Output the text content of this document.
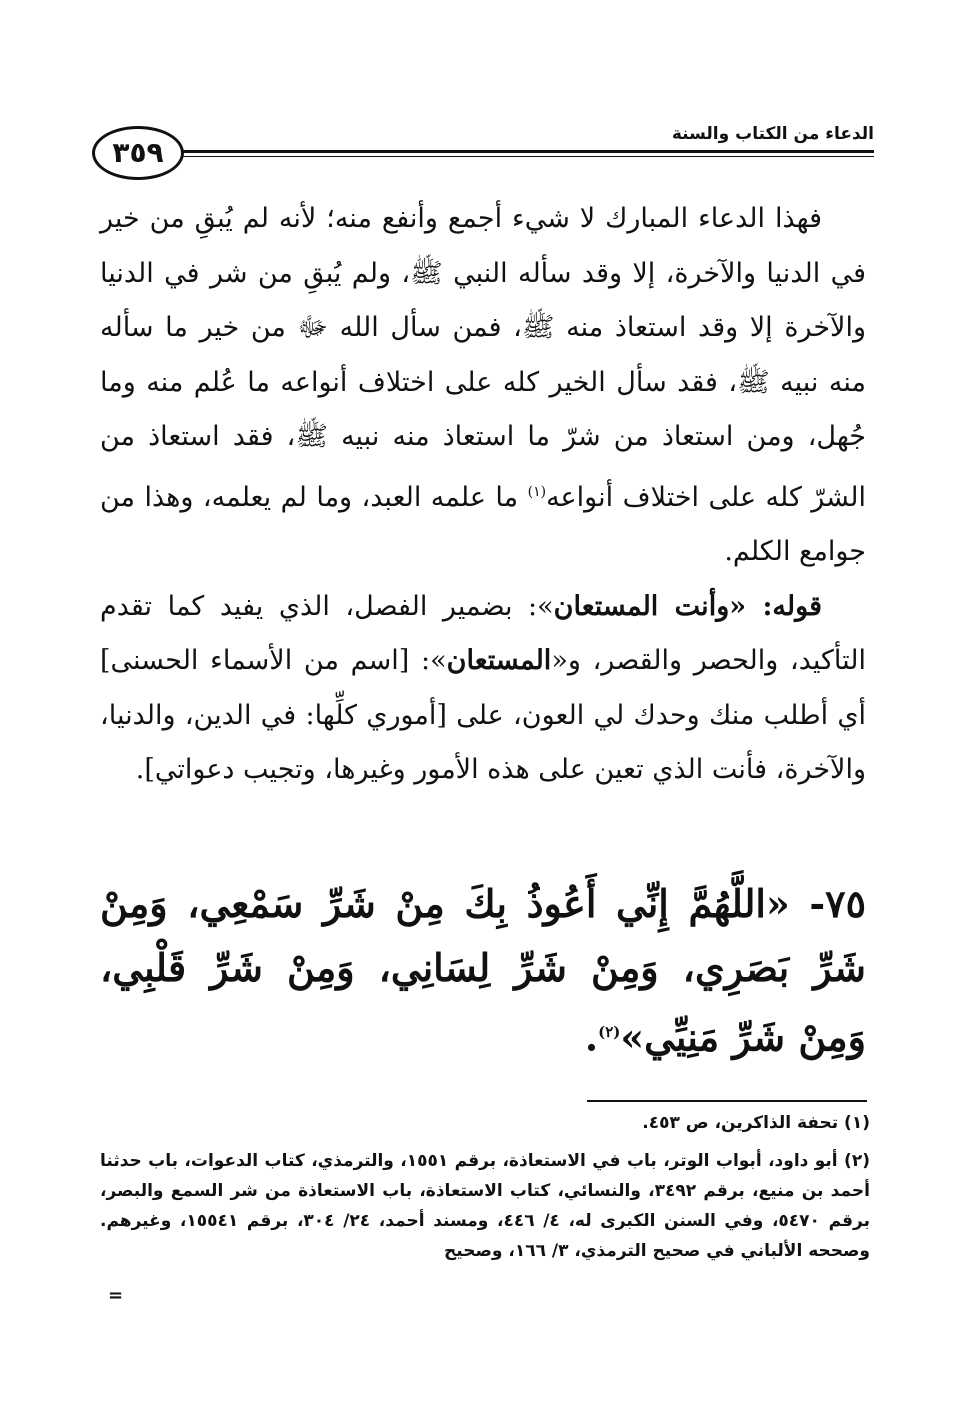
٣٥٩
الدعاء من الكتاب والسنة

فهذا الدعاء المبارك لا شيء أجمع وأنفع منه؛ لأنه لم يُبقِ من خير في الدنيا والآخرة، إلا وقد سأله النبي ﷺ، ولم يُبقِ من شر في الدنيا والآخرة إلا وقد استعاذ منه ﷺ، فمن سأل الله ﷻ من خير ما سأله منه نبيه ﷺ، فقد سأل الخير كله على اختلاف أنواعه ما عُلم منه وما جُهل، ومن استعاذ من شرّ ما استعاذ منه نبيه ﷺ، فقد استعاذ من الشرّ كله على اختلاف أنواعه$^{(١)}$ ما علمه العبد، وما لم يعلمه، وهذا من جوامع الكلم.

قوله: «وأنت المستعان»: بضمير الفصل، الذي يفيد كما تقدم التأكيد، والحصر والقصر، و«المستعان»: [اسم من الأسماء الحسنى] أي أطلب منك وحدك لي العون، على [أموري كلِّها: في الدين، والدنيا، والآخرة، فأنت الذي تعين على هذه الأمور وغيرها، وتجيب دعواتي].

٧٥- «اللَّهُمَّ إِنِّي أَعُوذُ بِكَ مِنْ شَرِّ سَمْعِي، وَمِنْ شَرِّ بَصَرِي، وَمِنْ شَرِّ لِسَانِي، وَمِنْ شَرِّ قَلْبِي، وَمِنْ شَرِّ مَنِيِّي»$^{(٢)}$.

(١) تحفة الذاكرين، ص ٤٥٣.

(٢) أبو داود، أبواب الوتر، باب في الاستعاذة، برقم ١٥٥١، والترمذي، كتاب الدعوات، باب حدثنا أحمد بن منيع، برقم ٣٤٩٢، والنسائي، كتاب الاستعاذة، باب الاستعاذة من شر السمع والبصر، برقم ٥٤٧٠، وفي السنن الكبرى له، ٤/ ٤٤٦، ومسند أحمد، ٢٤/ ٣٠٤، برقم ١٥٥٤١، وغيرهم. وصححه الألباني في صحيح الترمذي، ٣/ ١٦٦، وصحيح

=
